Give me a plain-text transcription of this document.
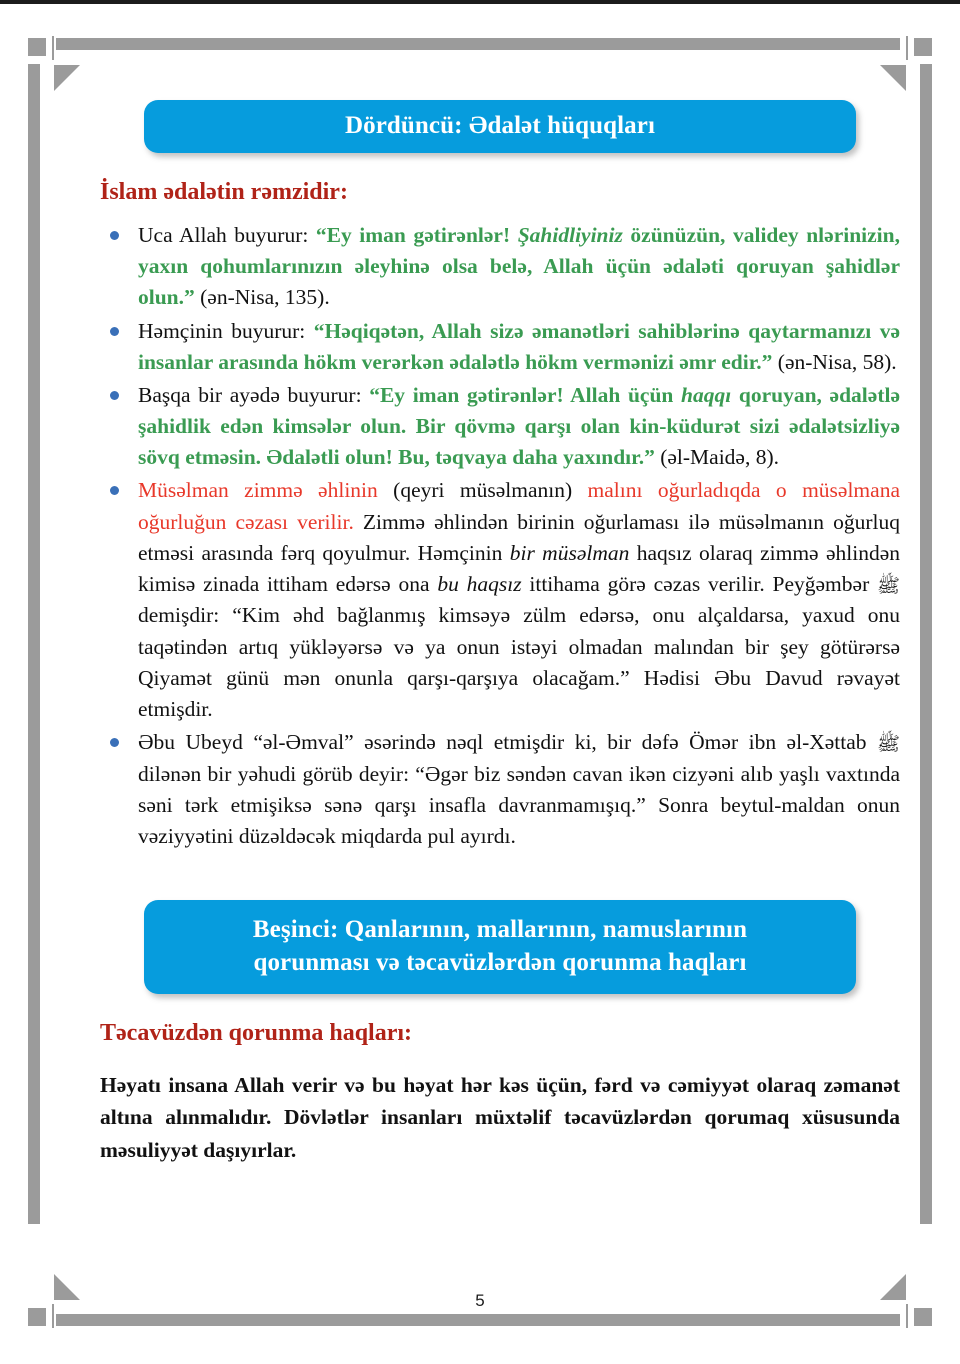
Dördüncü: Ədalət hüquqları
İslam ədalətin rəmzidir:
Uca Allah buyurur: “Ey iman gətirənlər! Şahidliyiniz özünüzün, validey nlərinizin, yaxın qohumlarınızın əleyhinə olsa belə, Allah üçün ədaləti qoruyan şahidlər olun.” (ən-Nisa, 135).
Həmçinin buyurur: “Həqiqətən, Allah sizə əmanətləri sahiblərinə qaytarmanızı və insanlar arasında hökm verərkən ədalətlə hökm vermənizi əmr edir.” (ən-Nisa, 58).
Başqa bir ayədə buyurur: “Ey iman gətirənlər! Allah üçün haqqı qoruyan, ədalətlə şahidlik edən kimsələr olun. Bir qövmə qarşı olan kin-küdurət sizi ədalətsizliyə sövq etməsin. Ədalətli olun! Bu, təqvaya daha yaxındır.” (əl-Maidə, 8).
Müsəlman zimmə əhlinin (qeyri müsəlmanın) malını oğurladıqda o müsəlmana oğurluğun cəzası verilir. Zimmə əhlindən birinin oğurlaması ilə müsəlmanın oğurluq etməsi arasında fərq qoyulmur. Həmçinin bir müsəlman haqsız olaraq zimmə əhlindən kimisə zinada ittiham edərsə ona bu haqsız ittihama görə cəzas verilir. Peyğəmbər ﷺ demişdir: “Kim əhd bağlanmış kimsəyə zülm edərsə, onu alçaldarsa, yaxud onu taqətindən artıq yükləyərsə və ya onun istəyi olmadan malından bir şey götürərsə Qiyamət günü mən onunla qarşı-qarşıya olacağam.” Hədisi Əbu Davud rəvayət etmişdir.
Əbu Ubeyd “əl-Əmval” əsərində nəql etmişdir ki, bir dəfə Ömər ibn əl-Xəttab ﷺ dilənən bir yəhudi görüb deyir: “Əgər biz səndən cavan ikən cizyəni alıb yaşlı vaxtında səni tərk etmişiksə sənə qarşı insafla davranmamışıq.” Sonra beytul-maldan onun vəziyyətini düzəldəcək miqdarda pul ayırdı.
Beşinci: Qanlarının, mallarının, namuslarının
qorunması və təcavüzlərdən qorunma haqları
Təcavüzdən qorunma haqları:
Həyatı insana Allah verir və bu həyat hər kəs üçün, fərd və cəmiyyət olaraq zəmanət altına alınmalıdır. Dövlətlər insanları müxtəlif təcavüzlərdən qorumaq xüsusunda məsuliyyət daşıyırlar.
5
